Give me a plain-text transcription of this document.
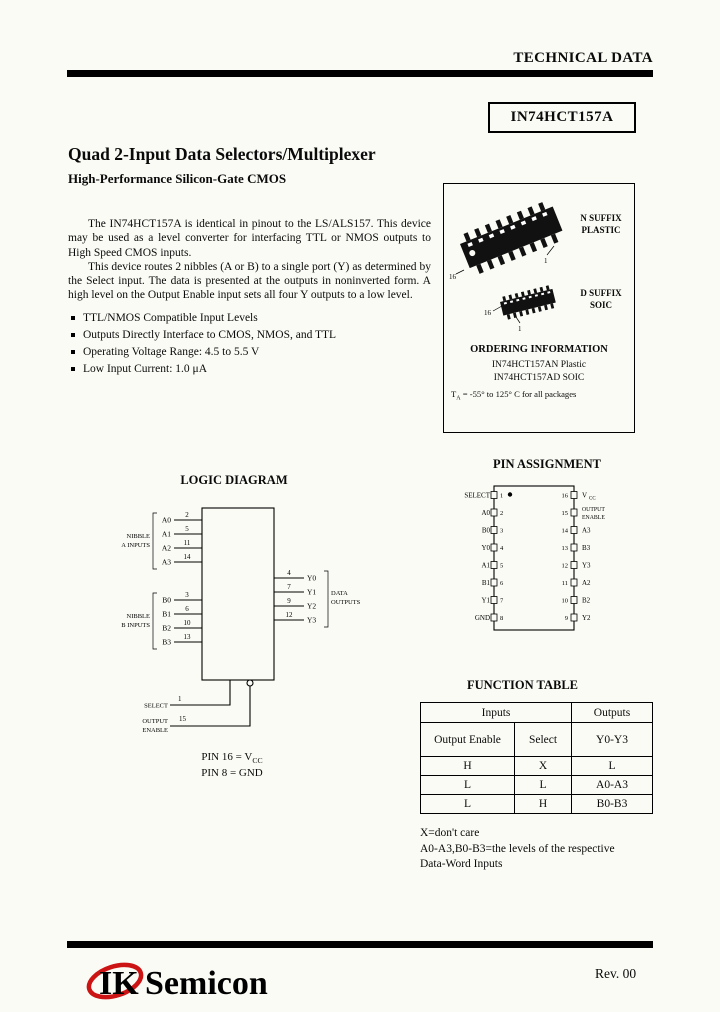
TECHNICAL DATA
IN74HCT157A
Quad 2-Input Data Selectors/Multiplexer
High-Performance Silicon-Gate CMOS

The IN74HCT157A is identical in pinout to the LS/ALS157. This device may be used as a level converter for interfacing TTL or NMOS outputs to High Speed CMOS inputs.

This device routes 2 nibbles (A or B) to a single port (Y) as determined by the Select input. The data is presented at the outputs in noninverted form. A high level on the Output Enable input sets all four Y outputs to a low level.

TTL/NMOS Compatible Input Levels
Outputs Directly Interface to CMOS, NMOS, and TTL
Operating Voltage Range: 4.5 to 5.5 V
Low Input Current: 1.0 μA
16
1
16
1
N SUFFIX
PLASTIC
D SUFFIX
SOIC
ORDERING INFORMATION
IN74HCT157AN Plastic
IN74HCT157AD SOIC
$T_A = -55^\circ$ to 125° C for all packages
LOGIC DIAGRAM
PIN ASSIGNMENT
FUNCTION TABLE
2
5
11
14
A0
A1
A2
A3
NIBBLE
A INPUTS
3
6
10
13
B0
B1
B2
B3
NIBBLE
B INPUTS
4
7
9
12
Y0
Y1
Y2
Y3
DATA
OUTPUTS
SELECT
1
OUTPUT
ENABLE
15
PIN $16 = V_{CC}$
PIN 8 = GND
SELECT
A0
B0
Y0
A1
B1
Y1
GND
1
2
3
4
5
6
7
8
16
15
14
13
12
11
10
9
V CC
OUTPUT
ENABLE
A3
B3
Y3
A2
B2
Y2
Inputs		Outputs
Output Enable	Select	Y0-Y3
H	X	L
L	L	A0-A3
L	H	B0-B3
X=don't care
A0-A3,B0-B3=the levels of the respective
Data-Word Inputs
IK Semicon	Rev. 00
